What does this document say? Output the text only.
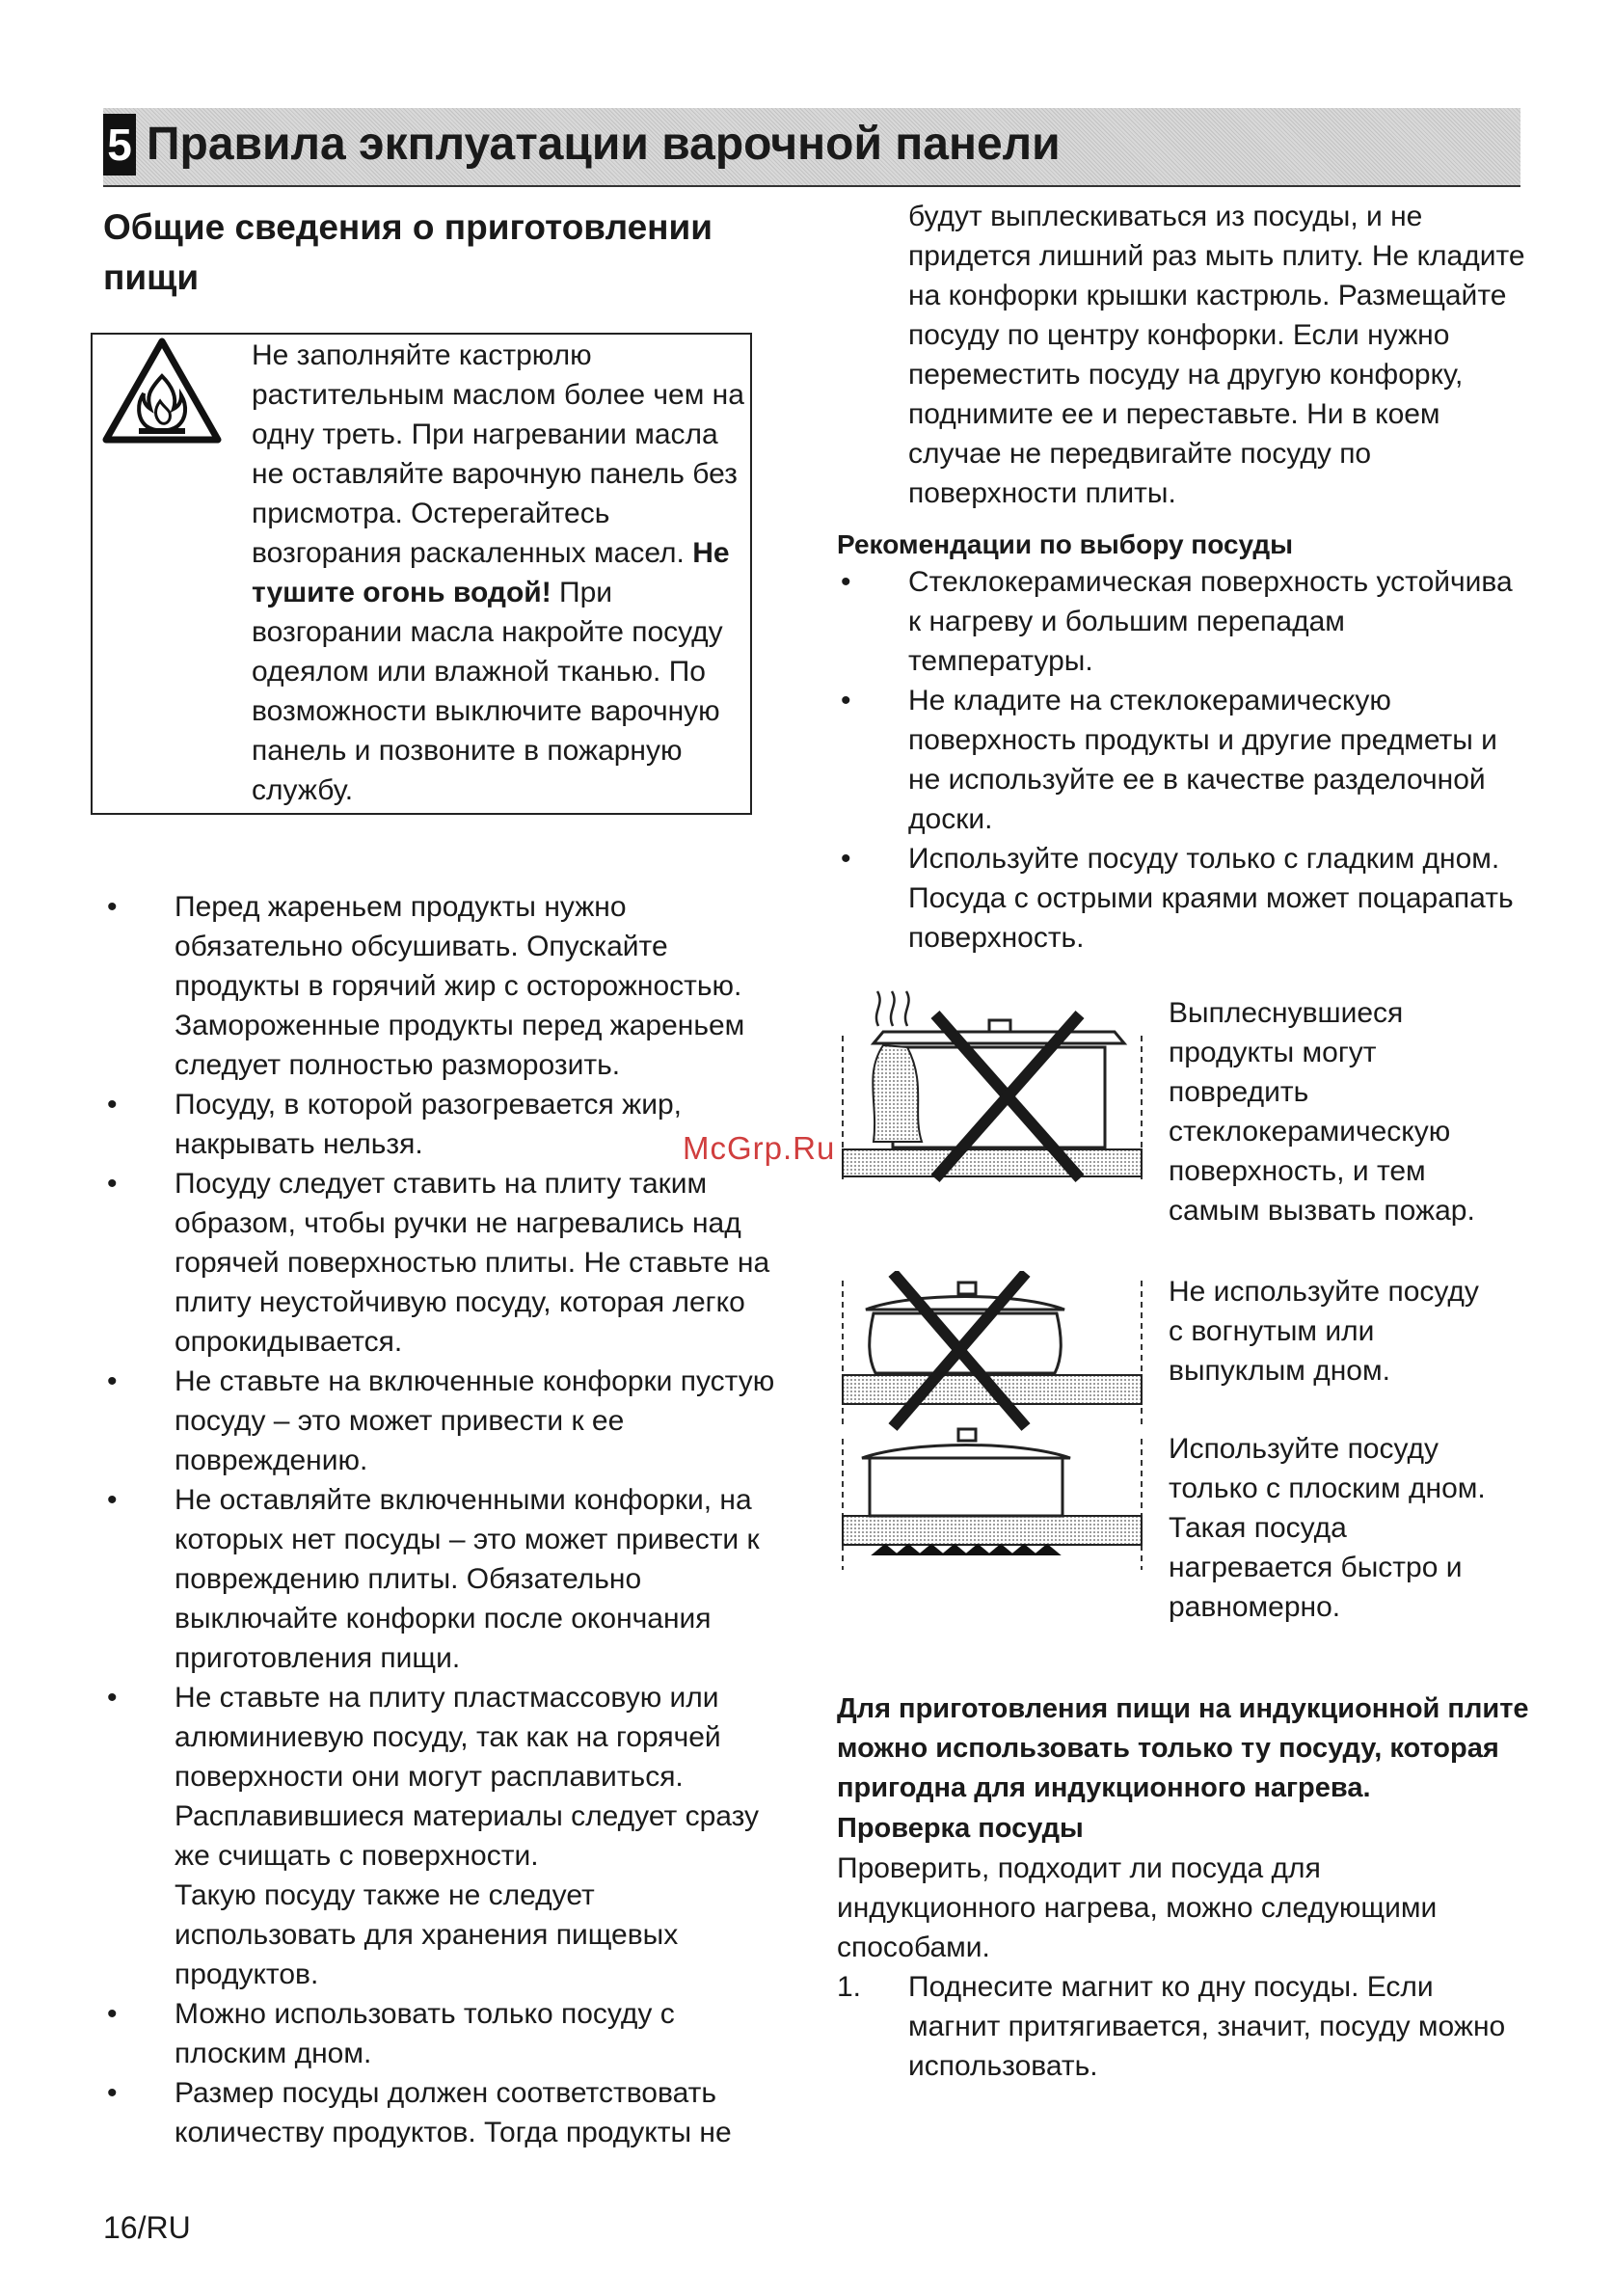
5 Правила экплуатации варочной панели
Общие сведения о приготовлении пищи
Не заполняйте кастрюлю растительным маслом более чем на одну треть. При нагревании масла не оставляйте варочную панель без присмотра. Остерегайтесь возгорания раскаленных масел. Не тушите огонь водой! При возгорании масла накройте посуду одеялом или влажной тканью. По возможности выключите варочную панель и позвоните в пожарную службу.
• Перед жареньем продукты нужно обязательно обсушивать. Опускайте продукты в горячий жир с осторожностью. Замороженные продукты перед жареньем следует полностью разморозить.
• Посуду, в которой разогревается жир, накрывать нельзя.
• Посуду следует ставить на плиту таким образом, чтобы ручки не нагревались над горячей поверхностью плиты. Не ставьте на плиту неустойчивую посуду, которая легко опрокидывается.
• Не ставьте на включенные конфорки пустую посуду – это может привести к ее повреждению.
• Не оставляйте включенными конфорки, на которых нет посуды – это может привести к повреждению плиты. Обязательно выключайте конфорки после окончания приготовления пищи.
• Не ставьте на плиту пластмассовую или алюминиевую посуду, так как на горячей поверхности они могут расплавиться. Расплавившиеся материалы следует сразу же счищать с поверхности.
Такую посуду также не следует использовать для хранения пищевых продуктов.
• Можно использовать только посуду с плоским дном.
• Размер посуды должен соответствовать количеству продуктов. Тогда продукты не
будут выплескиваться из посуды, и не придется лишний раз мыть плиту. Не кладите на конфорки крышки кастрюль. Размещайте посуду по центру конфорки. Если нужно переместить посуду на другую конфорку, поднимите ее и переставьте. Ни в коем случае не передвигайте посуду по поверхности плиты.
Рекомендации по выбору посуды
• Стеклокерамическая поверхность устойчива к нагреву и большим перепадам температуры.
• Не кладите на стеклокерамическую поверхность продукты и другие предметы и не используйте ее в качестве разделочной доски.
• Используйте посуду только с гладким дном. Посуда с острыми краями может поцарапать поверхность.
Выплеснувшиеся продукты могут повредить стеклокерамическую поверхность, и тем самым вызвать пожар.
Не используйте посуду с вогнутым или выпуклым дном.
Используйте посуду только с плоским дном. Такая посуда нагревается быстро и равномерно.
McGrp.Ru
Для приготовления пищи на индукционной плите можно использовать только ту посуду, которая пригодна для индукционного нагрева.
Проверка посуды
Проверить, подходит ли посуда для индукционного нагрева, можно следующими способами.
1. Поднесите магнит ко дну посуды. Если магнит притягивается, значит, посуду можно использовать.
16/RU
